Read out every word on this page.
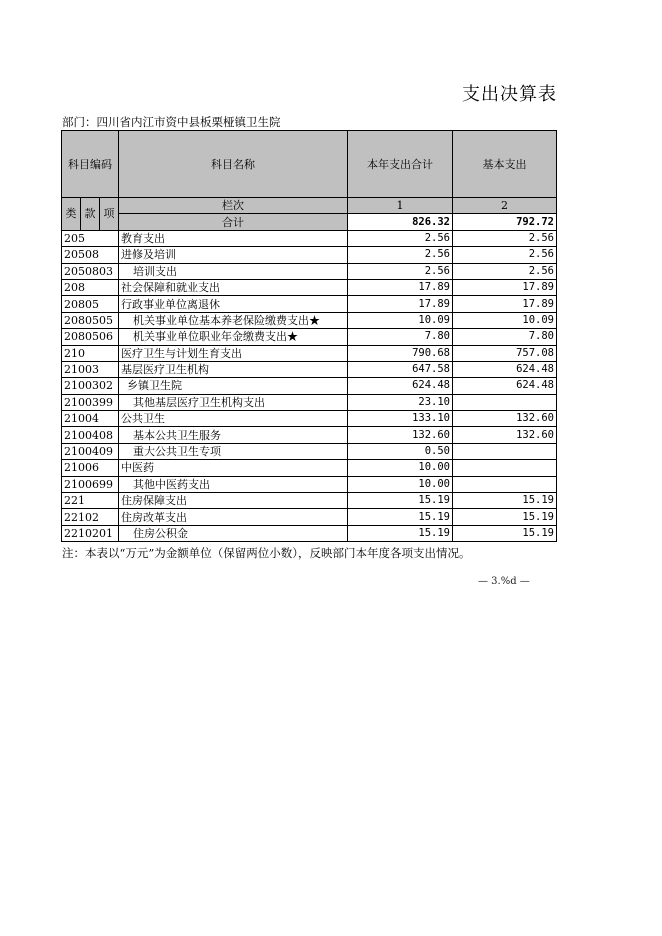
支出决算表
部门：四川省内江市资中县板栗桠镇卫生院
科目编码			科目名称	本年支出合计	基本支出
类	款	项	栏次	1	2
			合计	826.32	792.72
205			教育支出	2.56	2.56
20508			进修及培训	2.56	2.56
2050803			培训支出	2.56	2.56
208			社会保障和就业支出	17.89	17.89
20805			行政事业单位离退休	17.89	17.89
2080505			机关事业单位基本养老保险缴费支出★	10.09	10.09
2080506			机关事业单位职业年金缴费支出★	7.80	7.80
210			医疗卫生与计划生育支出	790.68	757.08
21003			基层医疗卫生机构	647.58	624.48
2100302			乡镇卫生院	624.48	624.48
2100399			其他基层医疗卫生机构支出	23.10	
21004			公共卫生	133.10	132.60
2100408			基本公共卫生服务	132.60	132.60
2100409			重大公共卫生专项	0.50	
21006			中医药	10.00	
2100699			其他中医药支出	10.00	
221			住房保障支出	15.19	15.19
22102			住房改革支出	15.19	15.19
2210201			住房公积金	15.19	15.19
注：本表以“万元”为金额单位（保留两位小数），反映部门本年度各项支出情况。
— 3.%d —
